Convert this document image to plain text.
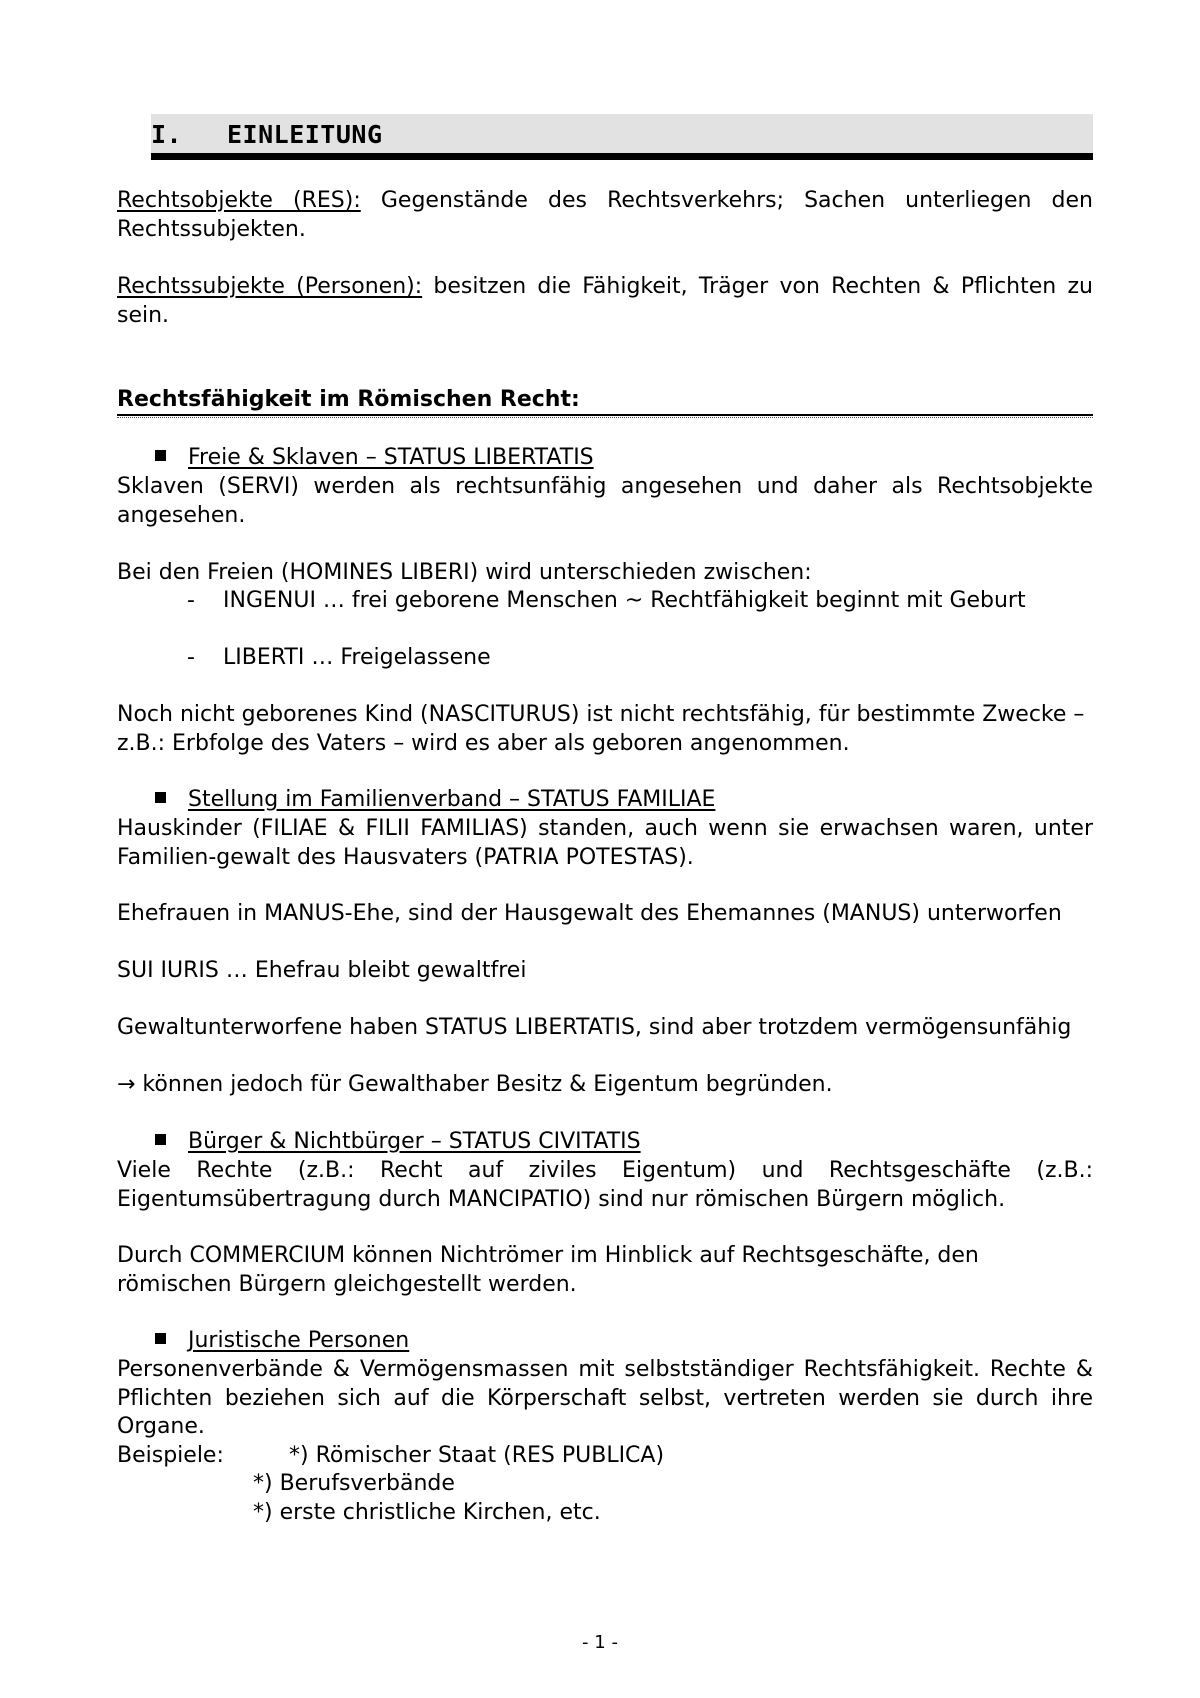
I. EINLEITUNG
Rechtsobjekte (RES): Gegenstände des Rechtsverkehrs; Sachen unterliegen den Rechtssubjekten.
Rechtssubjekte (Personen): besitzen die Fähigkeit, Träger von Rechten & Pflichten zu sein.
Rechtsfähigkeit im Römischen Recht:
Freie & Sklaven – STATUS LIBERTATIS
Sklaven (SERVI) werden als rechtsunfähig angesehen und daher als Rechtsobjekte angesehen.
Bei den Freien (HOMINES LIBERI) wird unterschieden zwischen:
- INGENUI … frei geborene Menschen ~ Rechtfähigkeit beginnt mit Geburt
- LIBERTI … Freigelassene
Noch nicht geborenes Kind (NASCITURUS) ist nicht rechtsfähig, für bestimmte Zwecke – z.B.: Erbfolge des Vaters – wird es aber als geboren angenommen.
Stellung im Familienverband – STATUS FAMILIAE
Hauskinder (FILIAE & FILII FAMILIAS) standen, auch wenn sie erwachsen waren, unter Familien-gewalt des Hausvaters (PATRIA POTESTAS).
Ehefrauen in MANUS-Ehe, sind der Hausgewalt des Ehemannes (MANUS) unterworfen
SUI IURIS … Ehefrau bleibt gewaltfrei
Gewaltunterworfene haben STATUS LIBERTATIS, sind aber trotzdem vermögensunfähig
→ können jedoch für Gewalthaber Besitz & Eigentum begründen.
Bürger & Nichtbürger – STATUS CIVITATIS
Viele Rechte (z.B.: Recht auf ziviles Eigentum) und Rechtsgeschäfte (z.B.: Eigentumsübertragung durch MANCIPATIO) sind nur römischen Bürgern möglich.
Durch COMMERCIUM können Nichtrömer im Hinblick auf Rechtsgeschäfte, den römischen Bürgern gleichgestellt werden.
Juristische Personen
Personenverbände & Vermögensmassen mit selbstständiger Rechtsfähigkeit. Rechte & Pflichten beziehen sich auf die Körperschaft selbst, vertreten werden sie durch ihre Organe.
Beispiele:	*) Römischer Staat (RES PUBLICA)
*) Berufsverbände
*) erste christliche Kirchen, etc.
- 1 -
